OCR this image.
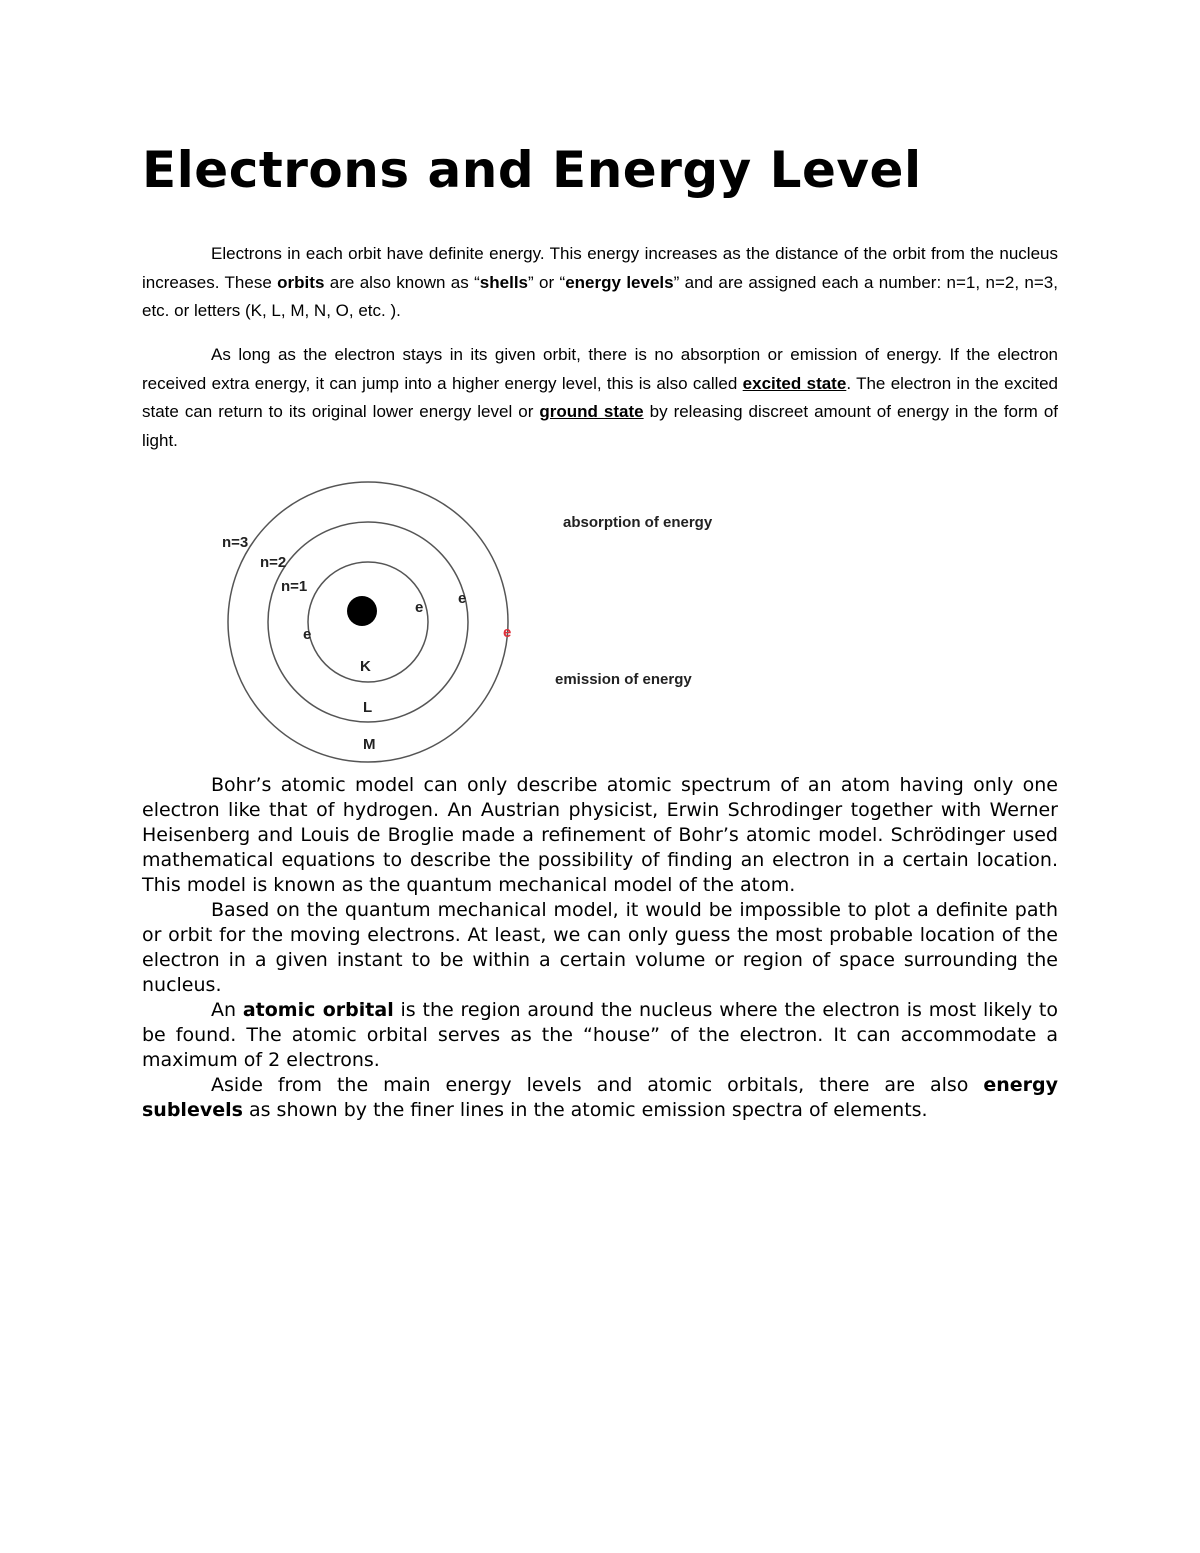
Electrons and Energy Level

Electrons in each orbit have definite energy. This energy increases as the distance of the orbit from the nucleus increases. These orbits are also known as “shells” or “energy levels” and are assigned each a number: n=1, n=2, n=3, etc. or letters (K, L, M, N, O, etc. ).

As long as the electron stays in its given orbit, there is no absorption or emission of energy. If the electron received extra energy, it can jump into a higher energy level, this is also called excited state. The electron in the excited state can return to its original lower energy level or ground state by releasing discreet amount of energy in the form of light.

n=3
n=2
n=1
e
e
e
e
K
L
M
absorption of energy
emission of energy

Bohr’s atomic model can only describe atomic spectrum of an atom having only one electron like that of hydrogen. An Austrian physicist, Erwin Schrodinger together with Werner Heisenberg and Louis de Broglie made a refinement of Bohr’s atomic model. Schrödinger used mathematical equations to describe the possibility of finding an electron in a certain location. This model is known as the quantum mechanical model of the atom.

Based on the quantum mechanical model, it would be impossible to plot a definite path or orbit for the moving electrons. At least, we can only guess the most probable location of the electron in a given instant to be within a certain volume or region of space surrounding the nucleus.

An atomic orbital is the region around the nucleus where the electron is most likely to be found. The atomic orbital serves as the “house” of the electron. It can accommodate a maximum of 2 electrons.

Aside from the main energy levels and atomic orbitals, there are also energy sublevels as shown by the finer lines in the atomic emission spectra of elements.
